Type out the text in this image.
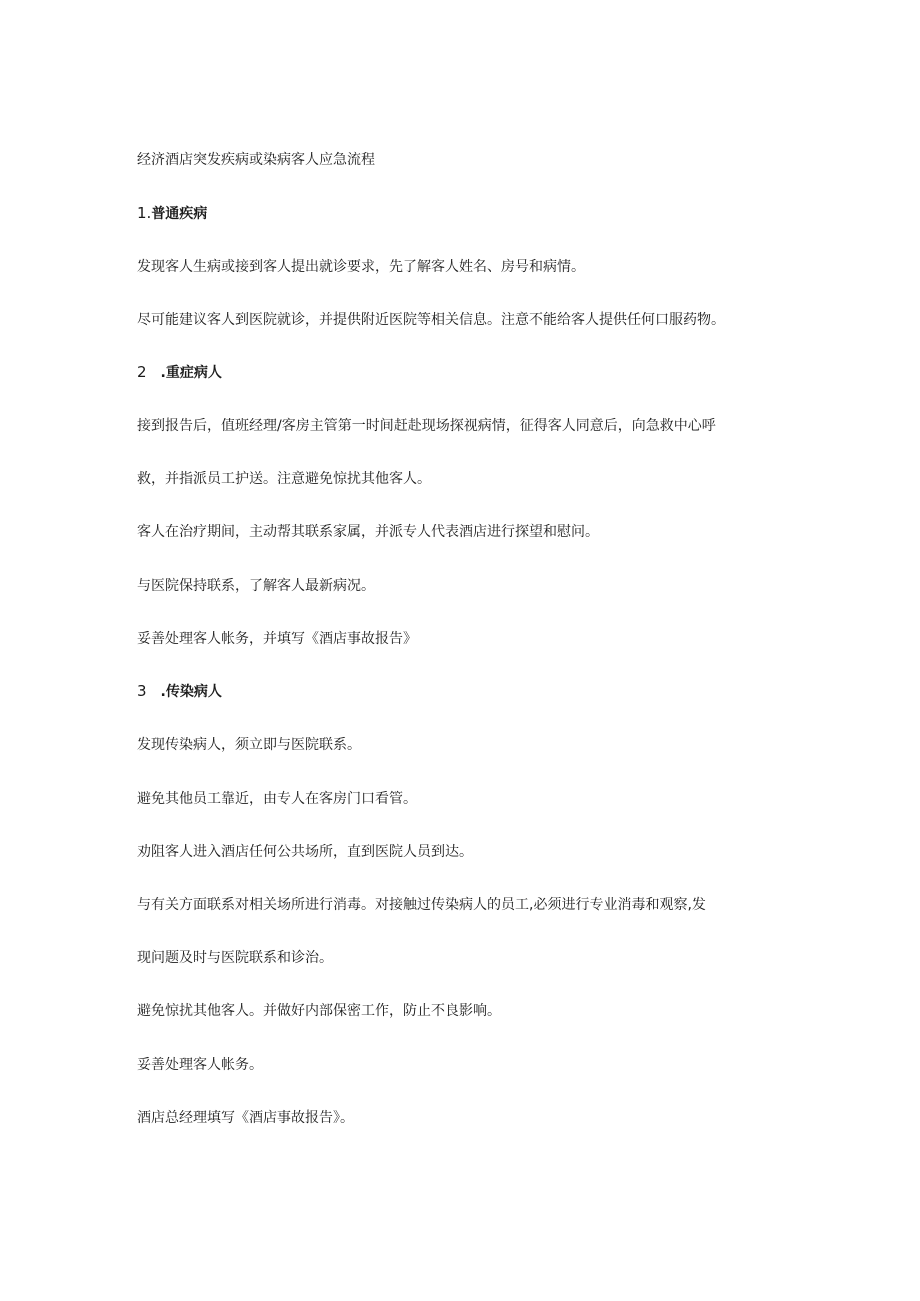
经济酒店突发疾病或染病客人应急流程
1.普通疾病
发现客人生病或接到客人提出就诊要求，先了解客人姓名、房号和病情。
尽可能建议客人到医院就诊，并提供附近医院等相关信息。注意不能给客人提供任何口服药物。
2 .重症病人
接到报告后，值班经理/客房主管第一时间赶赴现场探视病情，征得客人同意后，向急救中心呼
救，并指派员工护送。注意避免惊扰其他客人。
客人在治疗期间，主动帮其联系家属，并派专人代表酒店进行探望和慰问。
与医院保持联系，了解客人最新病况。
妥善处理客人帐务，并填写《酒店事故报告》
3 .传染病人
发现传染病人，须立即与医院联系。
避免其他员工靠近，由专人在客房门口看管。
劝阻客人进入酒店任何公共场所，直到医院人员到达。
与有关方面联系对相关场所进行消毒。对接触过传染病人的员工,必须进行专业消毒和观察,发
现问题及时与医院联系和诊治。
避免惊扰其他客人。并做好内部保密工作，防止不良影响。
妥善处理客人帐务。
酒店总经理填写《酒店事故报告》。
